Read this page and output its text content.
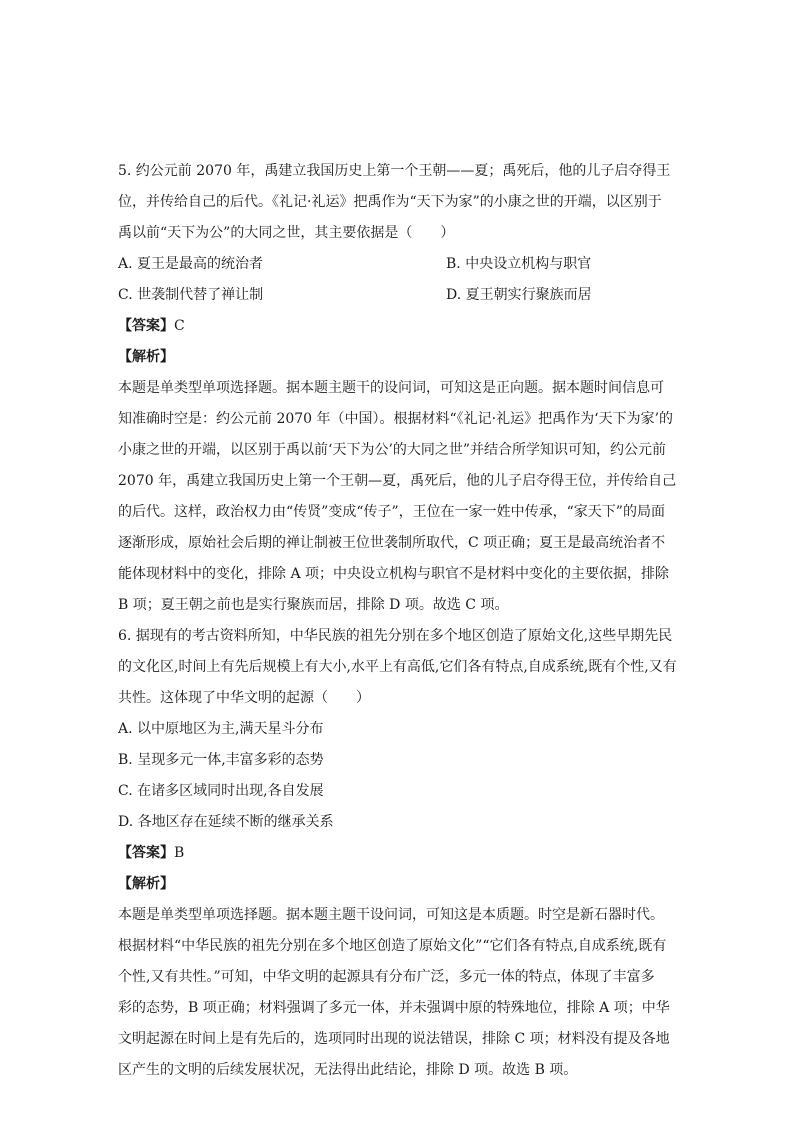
5. 约公元前 2070 年，禹建立我国历史上第一个王朝——夏；禹死后，他的儿子启夺得王
位，并传给自己的后代。《礼记·礼运》把禹作为“天下为家”的小康之世的开端，以区别于
禹以前“天下为公”的大同之世，其主要依据是（　　）
A. 夏王是最高的统治者	B. 中央设立机构与职官
C. 世袭制代替了禅让制	D. 夏王朝实行聚族而居
【答案】C
【解析】
本题是单类型单项选择题。据本题主题干的设问词，可知这是正向题。据本题时间信息可
知准确时空是：约公元前 2070 年（中国）。根据材料“《礼记·礼运》把禹作为‘天下为家’的
小康之世的开端，以区别于禹以前‘天下为公’的大同之世”并结合所学知识可知，约公元前
2070 年，禹建立我国历史上第一个王朝—夏，禹死后，他的儿子启夺得王位，并传给自己
的后代。这样，政治权力由“传贤”变成“传子”，王位在一家一姓中传承，“家天下”的局面
逐渐形成，原始社会后期的禅让制被王位世袭制所取代，C 项正确；夏王是最高统治者不
能体现材料中的变化，排除 A 项；中央设立机构与职官不是材料中变化的主要依据，排除
B 项；夏王朝之前也是实行聚族而居，排除 D 项。故选 C 项。
6. 据现有的考古资料所知，中华民族的祖先分别在多个地区创造了原始文化,这些早期先民
的文化区,时间上有先后规模上有大小,水平上有高低,它们各有特点,自成系统,既有个性,又有
共性。这体现了中华文明的起源（　　）
A. 以中原地区为主,满天星斗分布
B. 呈现多元一体,丰富多彩的态势
C. 在诸多区域同时出现,各自发展
D. 各地区存在延续不断的继承关系
【答案】B
【解析】
本题是单类型单项选择题。据本题主题干设问词，可知这是本质题。时空是新石器时代。
根据材料“中华民族的祖先分别在多个地区创造了原始文化”“它们各有特点,自成系统,既有
个性,又有共性。”可知，中华文明的起源具有分布广泛，多元一体的特点，体现了丰富多
彩的态势，B 项正确；材料强调了多元一体，并未强调中原的特殊地位，排除 A 项；中华
文明起源在时间上是有先后的，选项同时出现的说法错误，排除 C 项；材料没有提及各地
区产生的文明的后续发展状况，无法得出此结论，排除 D 项。故选 B 项。
